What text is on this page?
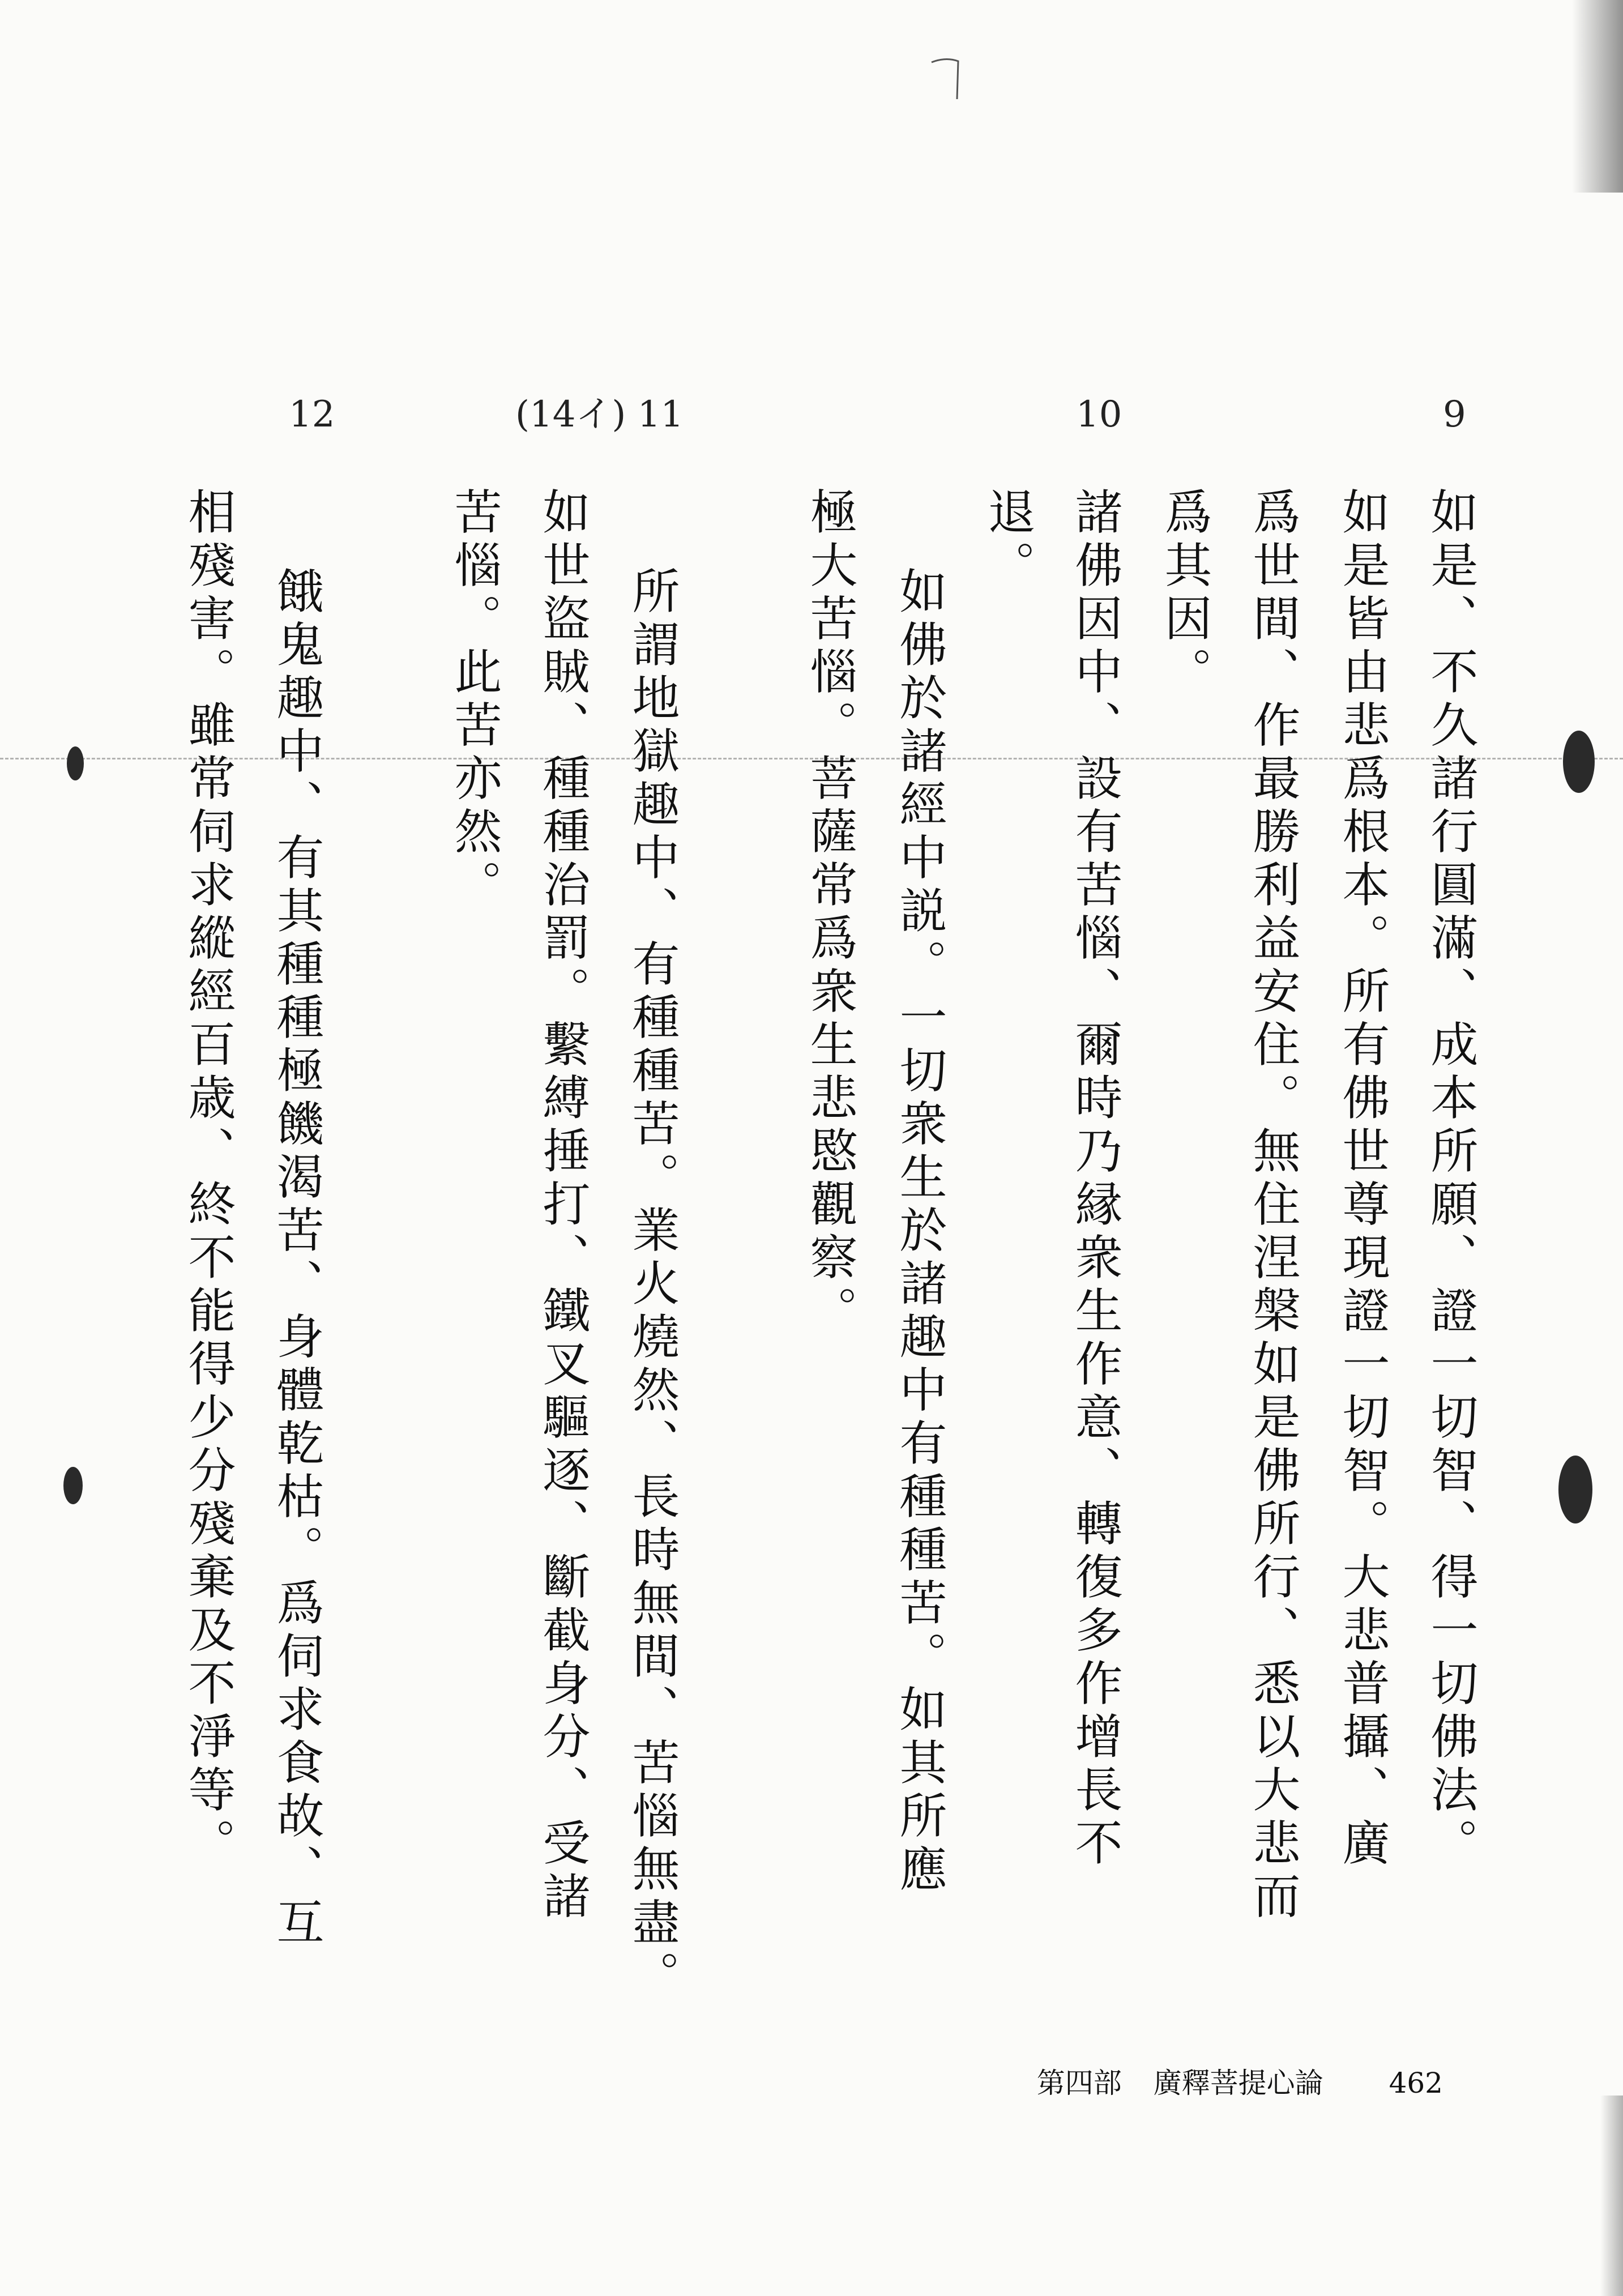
9
10
(14イ) 11
12
如是、不久諸行圓滿、成本所願、證一切智、得一切佛法。
如是皆由悲爲根本。所有佛世尊現證一切智。大悲普攝、廣
爲世間、作最勝利益安住。無住涅槃如是佛所行、悉以大悲而
爲其因。
諸佛因中、設有苦惱、爾時乃縁衆生作意、轉復多作增長不
退。
如佛於諸經中説。一切衆生於諸趣中有種種苦。如其所應
極大苦惱。菩薩常爲衆生悲愍觀察。
所謂地獄趣中、有種種苦。業火燒然、長時無間、苦惱無盡。
如世盜賊、種種治罰。繫縛捶打、鐵叉驅逐、斷截身分、受諸
苦惱。此苦亦然。
餓鬼趣中、有其種種極饑渴苦、身體乾枯。爲伺求食故、互
相殘害。雖常伺求縱經百歳、終不能得少分殘棄及不淨等。
第四部 廣釋菩提心論 462
